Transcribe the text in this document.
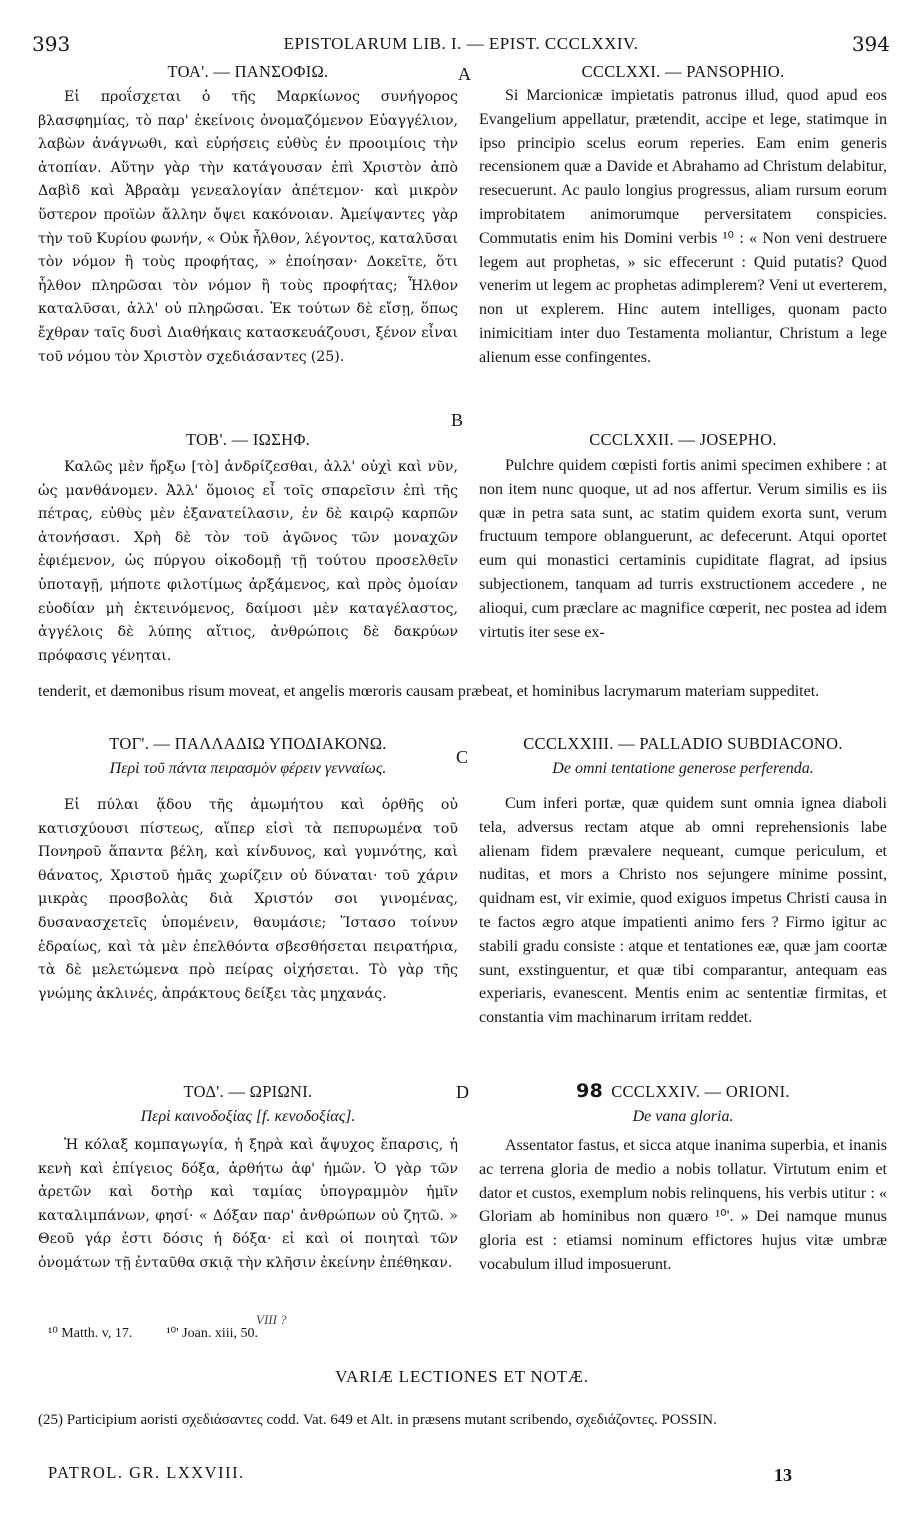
393	EPISTOLARUM LIB. I. — EPIST. CCCLXXIV.	394
A
B
C
D
ΤΟΑ'. — ΠΑΝΣΟΦΙΩ.
Εἰ προΐσχεται ὁ τῆς Μαρκίωνος συνήγορος βλασφημίας, τὸ παρ' ἐκείνοις ὀνομαζόμενον Εὐαγγέλιον, λαβὼν ἀνάγνωθι, καὶ εὑρήσεις εὐθὺς ἐν προοιμίοις τὴν ἀτοπίαν. Αὕτην γὰρ τὴν κατάγουσαν ἐπὶ Χριστὸν ἀπὸ Δαβὶδ καὶ Ἀβραὰμ γενεαλογίαν ἀπέτεμον· καὶ μικρὸν ὕστερον προϊὼν ἄλλην ὄψει κακόνοιαν. Ἀμείψαντες γὰρ τὴν τοῦ Κυρίου φωνήν, « Οὐκ ἦλθον, λέγοντος, καταλῦσαι τὸν νόμον ἢ τοὺς προφήτας, » ἐποίησαν· Δοκεῖτε, ὅτι ἦλθον πληρῶσαι τὸν νόμον ἢ τοὺς προφήτας; Ἦλθον καταλῦσαι, ἀλλ' οὐ πληρῶσαι. Ἐκ τούτων δὲ εἴσῃ, ὅπως ἔχθραν ταῖς δυσὶ Διαθήκαις κατασκευάζουσι, ξένον εἶναι τοῦ νόμου τὸν Χριστὸν σχεδιάσαντες (25).
CCCLXXI. — PANSOPHIO.
Si Marcionicæ impietatis patronus illud, quod apud eos Evangelium appellatur, prætendit, accipe et lege, statimque in ipso principio scelus eorum reperies. Eam enim generis recensionem quæ a Davide et Abrahamo ad Christum delabitur, resecuerunt. Ac paulo longius progressus, aliam rursum eorum improbitatem animorumque perversitatem conspicies. Commutatis enim his Domini verbis ¹⁰ : « Non veni destruere legem aut prophetas, » sic effecerunt : Quid putatis? Quod venerim ut legem ac prophetas adimplerem? Veni ut everterem, non ut explerem. Hinc autem intelliges, quonam pacto inimicitiam inter duo Testamenta moliantur, Christum a lege alienum esse confingentes.
ΤΟΒ'. — ΙΩΣΗΦ.
Καλῶς μὲν ἤρξω [τὸ] ἀνδρίζεσθαι, ἀλλ' οὐχὶ καὶ νῦν, ὡς μανθάνομεν. Ἀλλ' ὅμοιος εἶ τοῖς σπαρεῖσιν ἐπὶ τῆς πέτρας, εὐθὺς μὲν ἐξανατείλασιν, ἐν δὲ καιρῷ καρπῶν ἀτονήσασι. Χρὴ δὲ τὸν τοῦ ἀγῶνος τῶν μοναχῶν ἐφιέμενον, ὡς πύργου οἰκοδομῇ τῇ τούτου προσελθεῖν ὑποταγῇ, μήποτε φιλοτίμως ἀρξάμενος, καὶ πρὸς ὁμοίαν εὐοδίαν μὴ ἐκτεινόμενος, δαίμοσι μὲν καταγέλαστος, ἀγγέλοις δὲ λύπης αἴτιος, ἀνθρώποις δὲ δακρύων πρόφασις γένηται.
CCCLXXII. — JOSEPHO.
Pulchre quidem cœpisti fortis animi specimen exhibere : at non item nunc quoque, ut ad nos affertur. Verum similis es iis quæ in petra sata sunt, ac statim quidem exorta sunt, verum fructuum tempore oblanguerunt, ac defecerunt. Atqui oportet eum qui monastici certaminis cupiditate flagrat, ad ipsius subjectionem, tanquam ad turris exstructionem accedere , ne alioqui, cum præclare ac magnifice cœperit, nec postea ad idem virtutis iter sese ex-
tenderit, et dæmonibus risum moveat, et angelis mœroris causam præbeat, et hominibus lacrymarum materiam suppeditet.
ΤΟΓ'. — ΠΑΛΛΑΔΙΩ ΥΠΟΔΙΑΚΟΝΩ.
Περὶ τοῦ πάντα πειρασμὸν φέρειν γενναίως.
Εἰ πύλαι ᾅδου τῆς ἀμωμήτου καὶ ὀρθῆς οὐ κατισχύουσι πίστεως, αἵπερ εἰσὶ τὰ πεπυρωμένα τοῦ Πονηροῦ ἅπαντα βέλη, καὶ κίνδυνος, καὶ γυμνότης, καὶ θάνατος, Χριστοῦ ἡμᾶς χωρίζειν οὐ δύναται· τοῦ χάριν μικρὰς προσβολὰς διὰ Χριστόν σοι γινομένας, δυσανασχετεῖς ὑπομένειν, θαυμάσιε; Ἵστασο τοίνυν ἑδραίως, καὶ τὰ μὲν ἐπελθόντα σβεσθήσεται πειρατήρια, τὰ δὲ μελετώμενα πρὸ πείρας οἰχήσεται. Τὸ γὰρ τῆς γνώμης ἀκλινές, ἀπράκτους δείξει τὰς μηχανάς.
CCCLXXIII. — PALLADIO SUBDIACONO.
De omni tentatione generose perferenda.
Cum inferi portæ, quæ quidem sunt omnia ignea diaboli tela, adversus rectam atque ab omni reprehensionis labe alienam fidem prævalere nequeant, cumque periculum, et nuditas, et mors a Christo nos sejungere minime possint, quidnam est, vir eximie, quod exiguos impetus Christi causa in te factos ægro atque impatienti animo fers ? Firmo igitur ac stabili gradu consiste : atque et tentationes eæ, quæ jam coortæ sunt, exstinguentur, et quæ tibi comparantur, antequam eas experiaris, evanescent. Mentis enim ac sententiæ firmitas, et constantia vim machinarum irritam reddet.
ΤΟΔ'. — ΩΡΙΩΝΙ.
Περὶ καινοδοξίας [f. κενοδοξίας].
Ἡ κόλαξ κομπαγωγία, ἡ ξηρὰ καὶ ἄψυχος ἔπαρσις, ἡ κενὴ καὶ ἐπίγειος δόξα, ἀρθήτω ἀφ' ἡμῶν. Ὁ γὰρ τῶν ἀρετῶν καὶ δοτὴρ καὶ ταμίας ὑπογραμμὸν ἡμῖν καταλιμπάνων, φησί· « Δόξαν παρ' ἀνθρώπων οὐ ζητῶ. » Θεοῦ γάρ ἐστι δόσις ἡ δόξα· εἰ καὶ οἱ ποιηταὶ τῶν ὀνομάτων τῇ ἐνταῦθα σκιᾷ τὴν κλῆσιν ἐκείνην ἐπέθηκαν.
98 CCCLXXIV. — ORIONI.
De vana gloria.
Assentator fastus, et sicca atque inanima superbia, et inanis ac terrena gloria de medio a nobis tollatur. Virtutum enim et dator et custos, exemplum nobis relinquens, his verbis utitur : « Gloriam ab hominibus non quæro ¹⁰'. » Dei namque munus gloria est : etiamsi nominum effictores hujus vitæ umbræ vocabulum illud imposuerunt.
¹⁰ Matth. v, 17. ¹⁰' Joan. xiii, 50.
VIII ?
VARIÆ LECTIONES ET NOTÆ.
(25) Participium aoristi σχεδιάσαντες codd. Vat. 649 et Alt. in præsens mutant scribendo, σχεδιάζοντες. POSSIN.
PATROL. GR. LXXVIII.	13
